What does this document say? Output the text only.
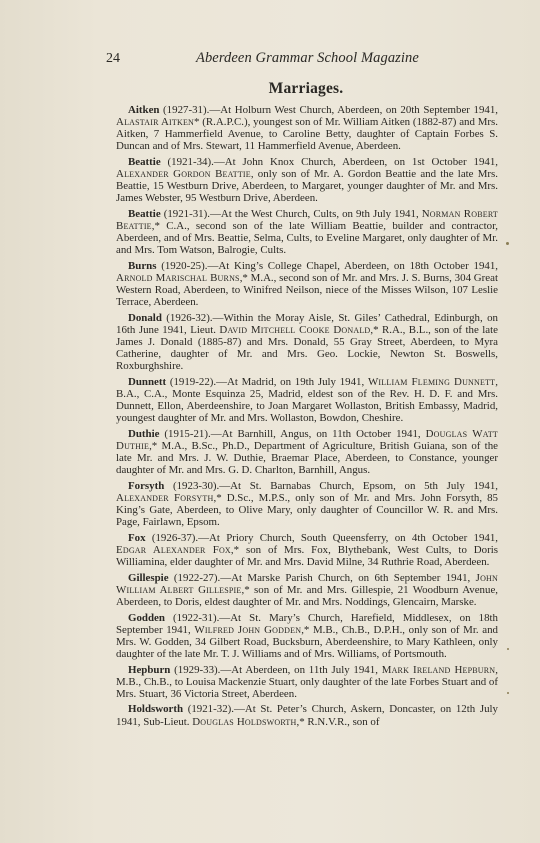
24	Aberdeen Grammar School Magazine
Marriages.

Aitken (1927-31).—At Holburn West Church, Aberdeen, on 20th September 1941, Alastair Aitken* (R.A.P.C.), youngest son of Mr. William Aitken (1882-87) and Mrs. Aitken, 7 Hammerfield Avenue, to Caroline Betty, daughter of Captain Forbes S. Duncan and of Mrs. Stewart, 11 Hammerfield Avenue, Aberdeen.

Beattie (1921-34).—At John Knox Church, Aberdeen, on 1st October 1941, Alexander Gordon Beattie, only son of Mr. A. Gordon Beattie and the late Mrs. Beattie, 15 Westburn Drive, Aberdeen, to Margaret, younger daughter of Mr. and Mrs. James Webster, 95 Westburn Drive, Aberdeen.

Beattie (1921-31).—At the West Church, Cults, on 9th July 1941, Norman Robert Beattie,* C.A., second son of the late William Beattie, builder and contractor, Aberdeen, and of Mrs. Beattie, Selma, Cults, to Eveline Margaret, only daughter of Mr. and Mrs. Tom Watson, Balrogie, Cults.

Burns (1920-25).—At King’s College Chapel, Aberdeen, on 18th October 1941, Arnold Marischal Burns,* M.A., second son of Mr. and Mrs. J. S. Burns, 304 Great Western Road, Aberdeen, to Winifred Neilson, niece of the Misses Wilson, 107 Leslie Terrace, Aberdeen.

Donald (1926-32).—Within the Moray Aisle, St. Giles’ Cathedral, Edinburgh, on 16th June 1941, Lieut. David Mitchell Cooke Donald,* R.A., B.L., son of the late James J. Donald (1885-87) and Mrs. Donald, 55 Gray Street, Aberdeen, to Myra Catherine, daughter of Mr. and Mrs. Geo. Lockie, Newton St. Boswells, Roxburghshire.

Dunnett (1919-22).—At Madrid, on 19th July 1941, William Fleming Dunnett, B.A., C.A., Monte Esquinza 25, Madrid, eldest son of the Rev. H. D. F. and Mrs. Dunnett, Ellon, Aberdeenshire, to Joan Margaret Wollaston, British Embassy, Madrid, youngest daughter of Mr. and Mrs. Wollaston, Bowdon, Cheshire.

Duthie (1915-21).—At Barnhill, Angus, on 11th October 1941, Douglas Watt Duthie,* M.A., B.Sc., Ph.D., Department of Agriculture, British Guiana, son of the late Mr. and Mrs. J. W. Duthie, Braemar Place, Aberdeen, to Constance, younger daughter of Mr. and Mrs. G. D. Charlton, Barnhill, Angus.

Forsyth (1923-30).—At St. Barnabas Church, Epsom, on 5th July 1941, Alexander Forsyth,* D.Sc., M.P.S., only son of Mr. and Mrs. John Forsyth, 85 King’s Gate, Aberdeen, to Olive Mary, only daughter of Councillor W. R. and Mrs. Page, Fairlawn, Epsom.

Fox (1926-37).—At Priory Church, South Queensferry, on 4th October 1941, Edgar Alexander Fox,* son of Mrs. Fox, Blythebank, West Cults, to Doris Williamina, elder daughter of Mr. and Mrs. David Milne, 34 Ruthrie Road, Aberdeen.

Gillespie (1922-27).—At Marske Parish Church, on 6th September 1941, John William Albert Gillespie,* son of Mr. and Mrs. Gillespie, 21 Woodburn Avenue, Aberdeen, to Doris, eldest daughter of Mr. and Mrs. Noddings, Glencairn, Marske.

Godden (1922-31).—At St. Mary’s Church, Harefield, Middlesex, on 18th September 1941, Wilfred John Godden,* M.B., Ch.B., D.P.H., only son of Mr. and Mrs. W. Godden, 34 Gilbert Road, Bucksburn, Aberdeenshire, to Mary Kathleen, only daughter of the late Mr. T. J. Williams and of Mrs. Williams, of Portsmouth.

Hepburn (1929-33).—At Aberdeen, on 11th July 1941, Mark Ireland Hepburn, M.B., Ch.B., to Louisa Mackenzie Stuart, only daughter of the late Forbes Stuart and of Mrs. Stuart, 36 Victoria Street, Aberdeen.

Holdsworth (1921-32).—At St. Peter’s Church, Askern, Doncaster, on 12th July 1941, Sub-Lieut. Douglas Holdsworth,* R.N.V.R., son of
